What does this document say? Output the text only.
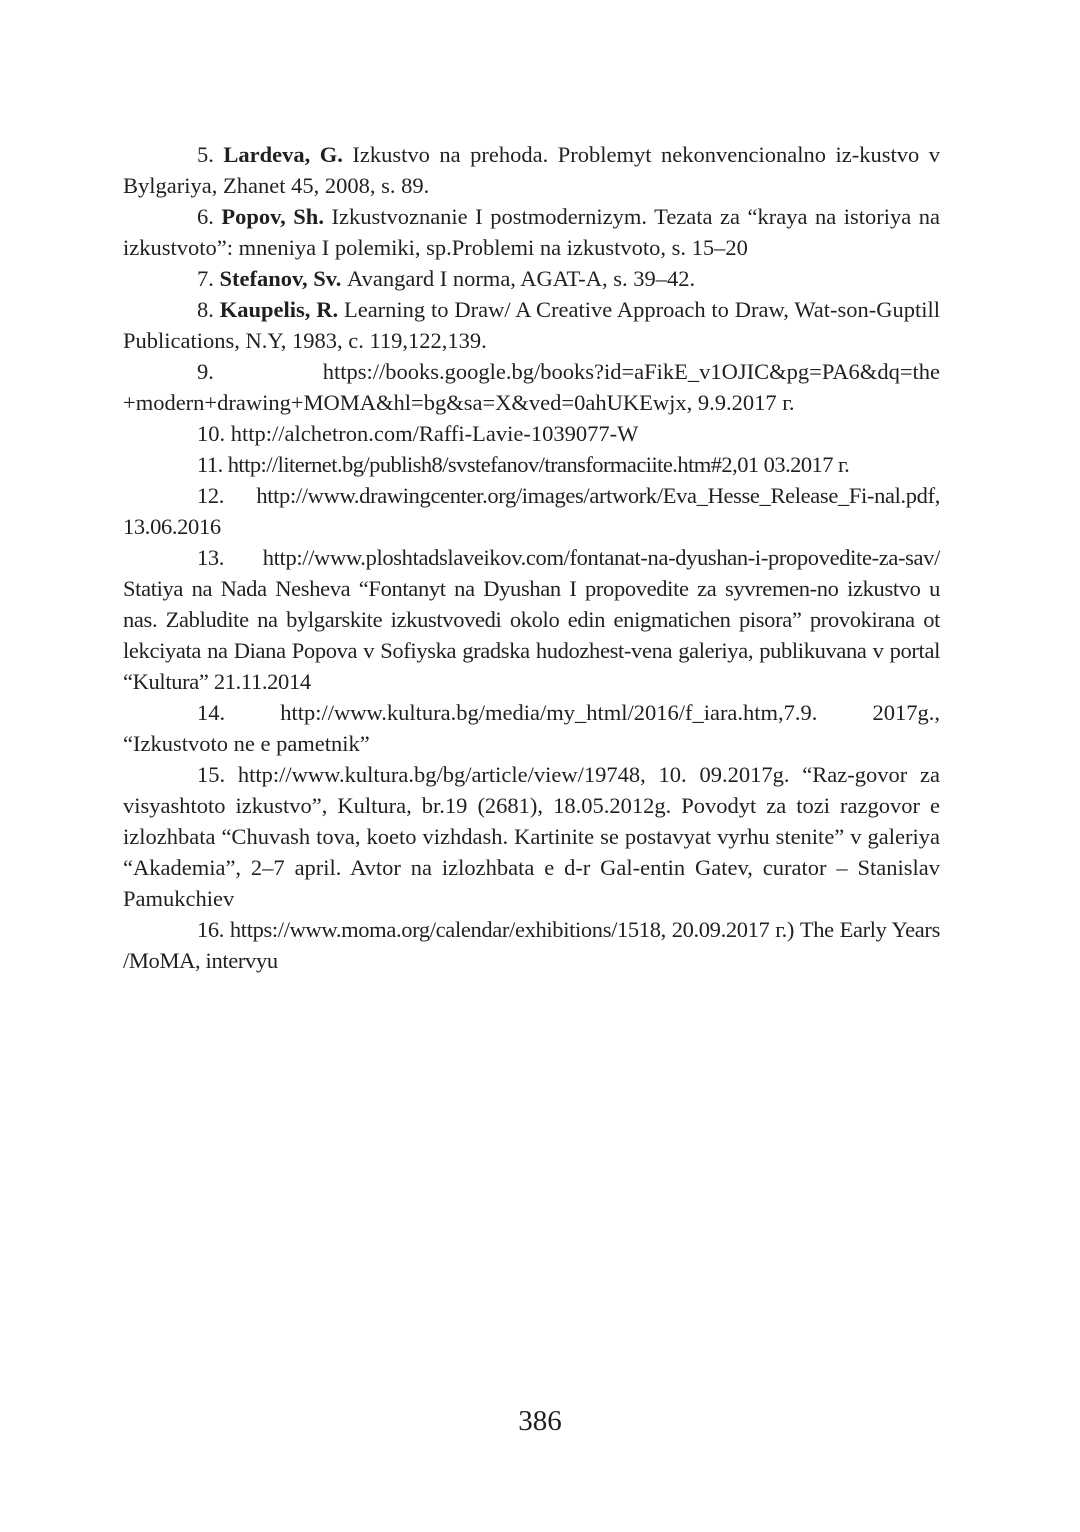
5. Lardeva, G. Izkustvo na prehoda. Problemyt nekonvencionalno iz-kustvo v Bylgariya, Zhanet 45, 2008, s. 89.

6. Popov, Sh. Izkustvoznanie I postmodernizym. Tezata za “kraya na istoriya na izkustvoto”: mneniya I polemiki, sp.Problemi na izkustvoto, s. 15–20

7. Stefanov, Sv. Avangard I norma, AGAT-A, s. 39–42.

8. Kaupelis, R. Learning to Draw/ A Creative Approach to Draw, Wat-son-Guptill Publications, N.Y, 1983, c. 119,122,139.

9.	https://books.google.bg/books?id=aFikE_v1OJIC&pg=PA6&dq=the +modern+drawing+MOMA&hl=bg&sa=X&ved=0ahUKEwjx, 9.9.2017 г.

10. http://alchetron.com/Raffi-Lavie-1039077-W

11. http://liternet.bg/publish8/svstefanov/transformaciite.htm#2,01 03.2017 г.

12. http://www.drawingcenter.org/images/artwork/Eva_Hesse_Release_Fi-nal.pdf, 13.06.2016

13. http://www.ploshtadslaveikov.com/fontanat-na-dyushan-i-propovedite-za-sav/ Statiya na Nada Nesheva “Fontanyt na Dyushan I propovedite za syvremen-no izkustvo u nas. Zabludite na bylgarskite izkustvovedi okolo edin enigmatichen pisora” provokirana ot lekciyata na Diana Popova v Sofiyska gradska hudozhest-vena galeriya, publikuvana v portal “Kultura” 21.11.2014

14. http://www.kultura.bg/media/my_html/2016/f_iara.htm,7.9. 2017g., “Izkustvoto ne e pametnik”

15. http://www.kultura.bg/bg/article/view/19748, 10. 09.2017g. “Raz-govor za visyashtoto izkustvo”, Kultura, br.19 (2681), 18.05.2012g. Povodyt za tozi razgovor e izlozhbata “Chuvash tova, koeto vizhdash. Kartinite se postavyat vyrhu stenite” v galeriya “Akademia”, 2–7 april. Avtor na izlozhbata e d-r Gal-entin Gatev, curator – Stanislav Pamukchiev

16. https://www.moma.org/calendar/exhibitions/1518, 20.09.2017 г.) The Early Years /MoMA, intervyu

386
